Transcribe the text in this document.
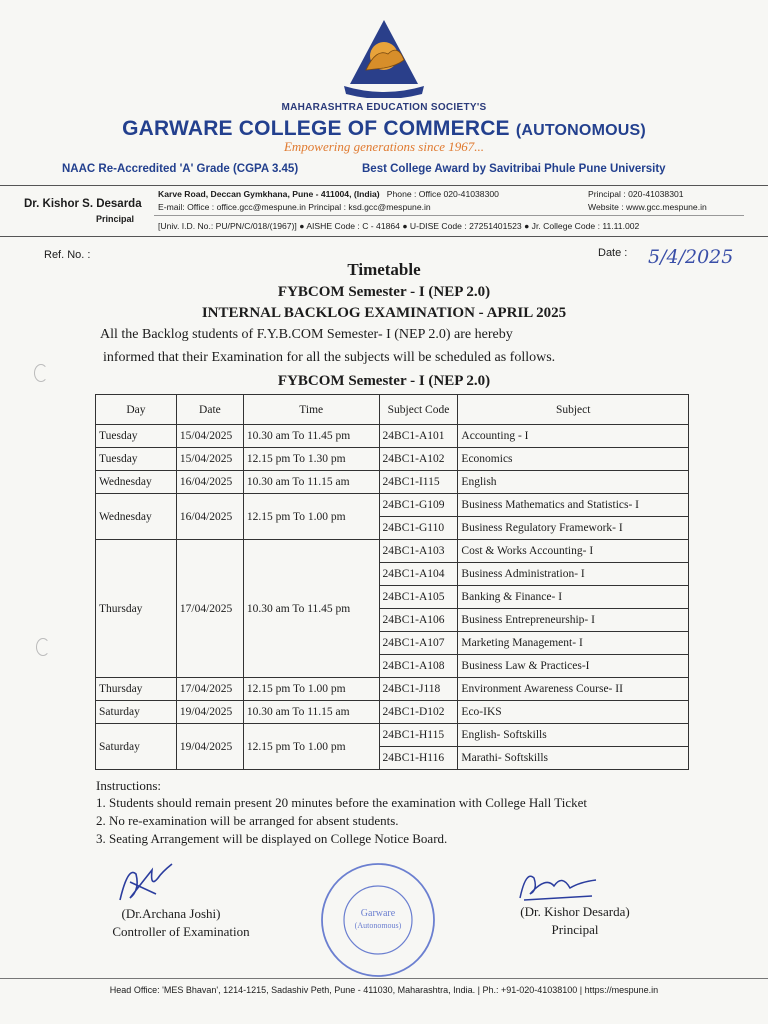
MAHARASHTRA EDUCATION SOCIETY'S
GARWARE COLLEGE OF COMMERCE (AUTONOMOUS)
Empowering generations since 1967...
NAAC Re-Accredited 'A' Grade (CGPA 3.45)	Best College Award by Savitribai Phule Pune University
Dr. Kishor S. Desarda
Principal
Karve Road, Deccan Gymkhana, Pune - 411004, (India) Phone : Office 020-41038300
E-mail: Office : office.gcc@mespune.in Principal : ksd.gcc@mespune.in
Principal : 020-41038301
Website : www.gcc.mespune.in
[Univ. I.D. No.: PU/PN/C/018/(1967)] ● AISHE Code : C - 41864 ● U-DISE Code : 27251401523 ● Jr. College Code : 11.11.002
Ref. No. :	Date : 5/4/2025
Timetable
FYBCOM Semester - I (NEP 2.0)
INTERNAL BACKLOG EXAMINATION - APRIL 2025
All the Backlog students of F.Y.B.COM Semester- I (NEP 2.0) are hereby
informed that their Examination for all the subjects will be scheduled as follows.
FYBCOM Semester - I (NEP 2.0)
Day	Date	Time	Subject Code	Subject
Tuesday	15/04/2025	10.30 am To 11.45 pm	24BC1-A101	Accounting - I
Tuesday	15/04/2025	12.15 pm To 1.30 pm	24BC1-A102	Economics
Wednesday	16/04/2025	10.30 am To 11.15 am	24BC1-I115	English
Wednesday	16/04/2025	12.15 pm To 1.00 pm	24BC1-G109	Business Mathematics and Statistics- I
			24BC1-G110	Business Regulatory Framework- I
Thursday	17/04/2025	10.30 am To 11.45 pm	24BC1-A103	Cost & Works Accounting- I
			24BC1-A104	Business Administration- I
			24BC1-A105	Banking & Finance- I
			24BC1-A106	Business Entrepreneurship- I
			24BC1-A107	Marketing Management- I
			24BC1-A108	Business Law & Practices-I
Thursday	17/04/2025	12.15 pm To 1.00 pm	24BC1-J118	Environment Awareness Course- II
Saturday	19/04/2025	10.30 am To 11.15 am	24BC1-D102	Eco-IKS
Saturday	19/04/2025	12.15 pm To 1.00 pm	24BC1-H115	English- Softskills
			24BC1-H116	Marathi- Softskills
Instructions:
1. Students should remain present 20 minutes before the examination with College Hall Ticket
2. No re-examination will be arranged for absent students.
3. Seating Arrangement will be displayed on College Notice Board.
(Dr.Archana Joshi)
Controller of Examination
Garware
(Autonomous)
(Dr. Kishor Desarda)
Principal
Head Office: 'MES Bhavan', 1214-1215, Sadashiv Peth, Pune - 411030, Maharashtra, India. | Ph.: +91-020-41038100 | https://mespune.in
